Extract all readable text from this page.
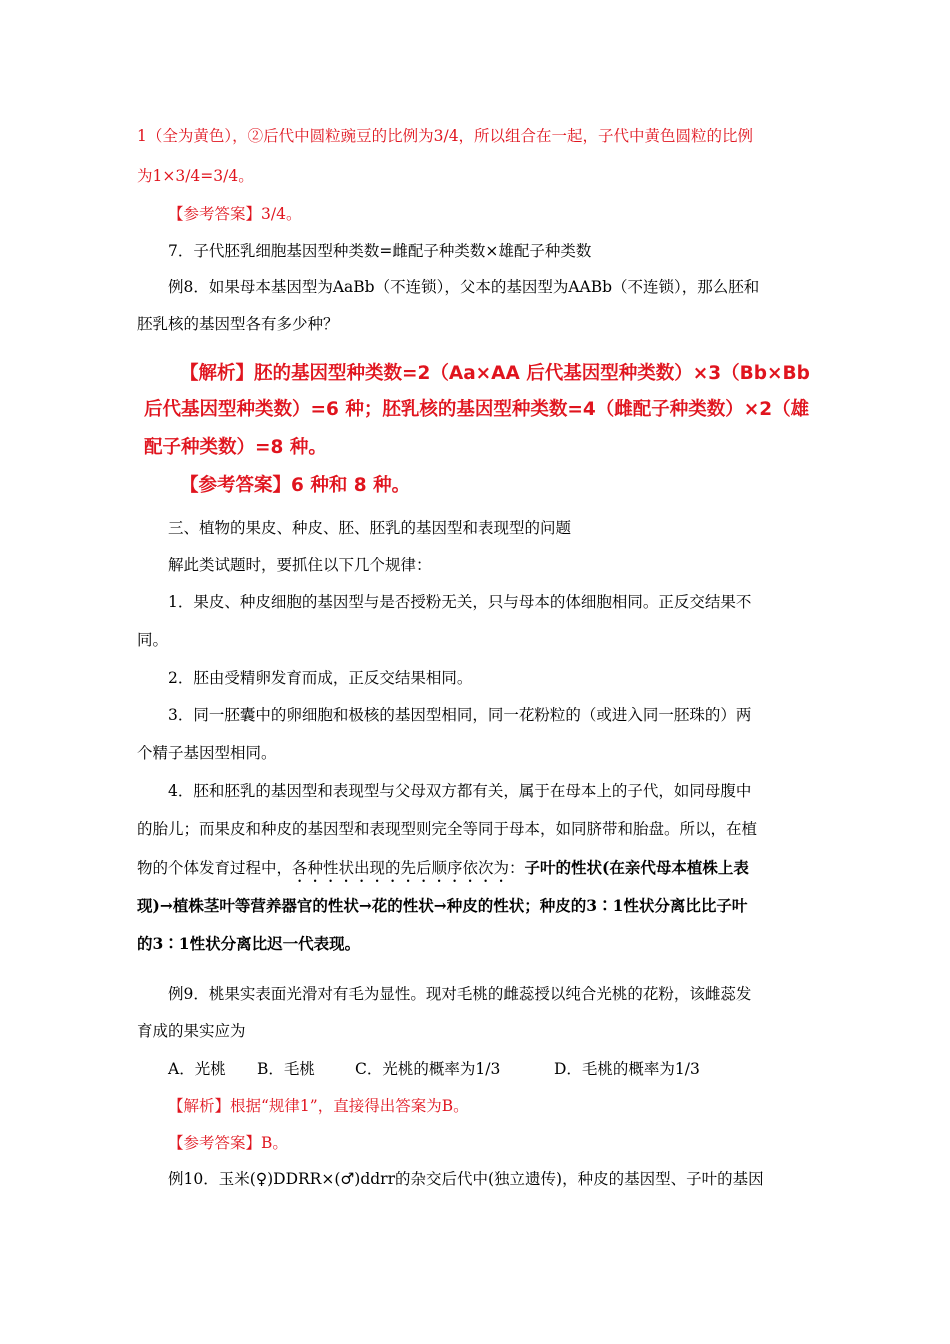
1（全为黄色），②后代中圆粒豌豆的比例为3/4，所以组合在一起，子代中黄色圆粒的比例
为1×3/4=3/4。
【参考答案】3/4。
7．子代胚乳细胞基因型种类数=雌配子种类数×雄配子种类数
例8．如果母本基因型为AaBb（不连锁），父本的基因型为AABb（不连锁），那么胚和
胚乳核的基因型各有多少种？
【解析】胚的基因型种类数=2（Aa×AA 后代基因型种类数）×3（Bb×Bb
后代基因型种类数）=6 种；胚乳核的基因型种类数=4（雌配子种类数）×2（雄
配子种类数）=8 种。
【参考答案】6 种和 8 种。
三、植物的果皮、种皮、胚、胚乳的基因型和表现型的问题
解此类试题时，要抓住以下几个规律：
1．果皮、种皮细胞的基因型与是否授粉无关，只与母本的体细胞相同。正反交结果不
同。
2．胚由受精卵发育而成，正反交结果相同。
3．同一胚囊中的卵细胞和极核的基因型相同，同一花粉粒的（或进入同一胚珠的）两
个精子基因型相同。
4．胚和胚乳的基因型和表现型与父母双方都有关，属于在母本上的子代，如同母腹中
的胎儿；而果皮和种皮的基因型和表现型则完全等同于母本，如同脐带和胎盘。所以，在植
物的个体发育过程中，各种性状出现的先后顺序依次为：子叶的性状(在亲代母本植株上表
现)→植株茎叶等营养器官的性状→花的性状→种皮的性状；种皮的3∶1性状分离比比子叶
的3∶1性状分离比迟一代表现。
例9．桃果实表面光滑对有毛为显性。现对毛桃的雌蕊授以纯合光桃的花粉，该雌蕊发
育成的果实应为
A．光桃 B．毛桃	C．光桃的概率为1/3	D．毛桃的概率为1/3
【解析】根据“规律1”，直接得出答案为B。
【参考答案】B。
例10．玉米(♀)DDRR×(♂)ddrr的杂交后代中(独立遗传)，种皮的基因型、子叶的基因
